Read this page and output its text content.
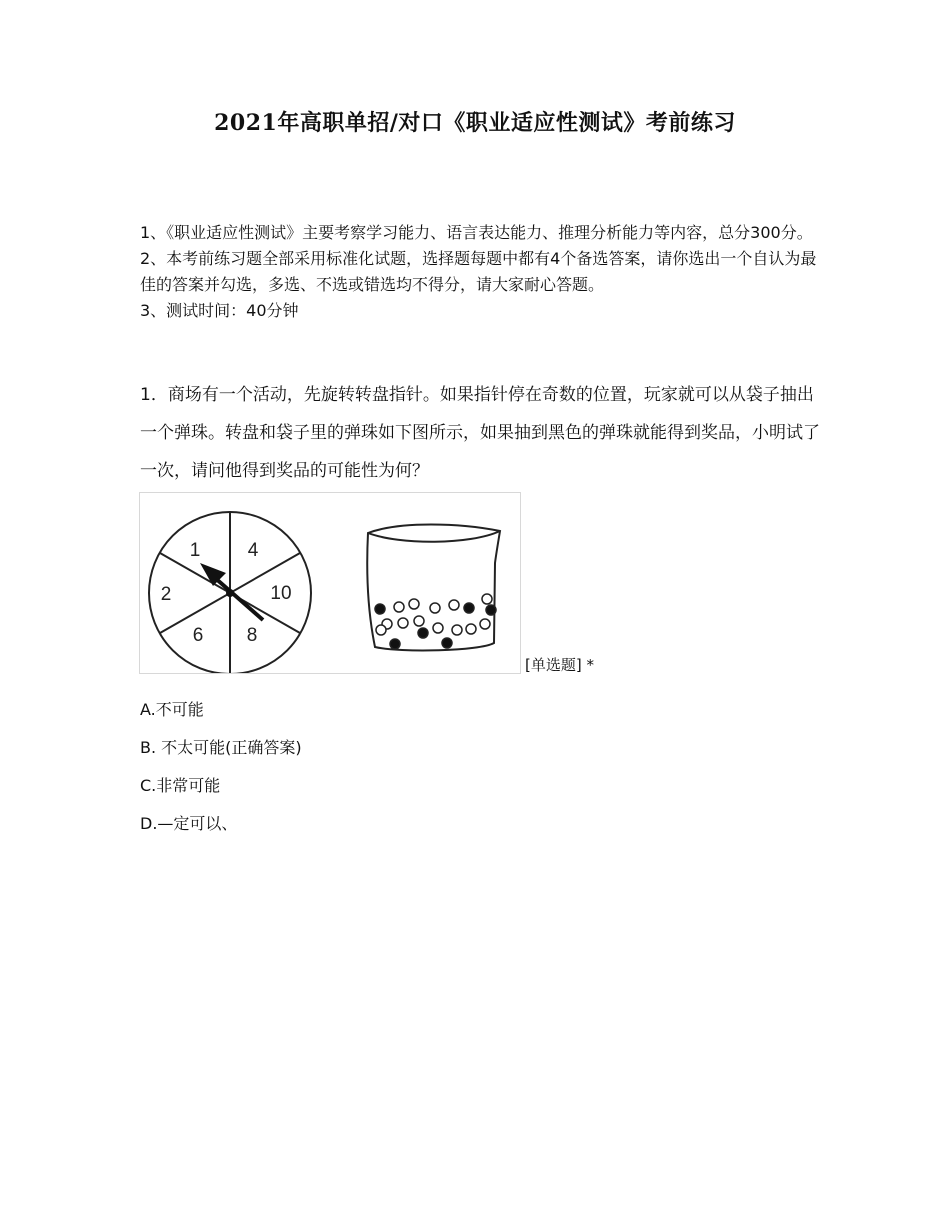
2021年高职单招/对口《职业适应性测试》考前练习

1、《职业适应性测试》主要考察学习能力、语言表达能力、推理分析能力等内容，总分300分。

2、本考前练习题全部采用标准化试题，选择题每题中都有4个备选答案，请你选出一个自认为最佳的答案并勾选，多选、不选或错选均不得分，请大家耐心答题。

3、测试时间：40分钟

1．商场有一个活动，先旋转转盘指针。如果指针停在奇数的位置，玩家就可以从袋子抽出一个弹珠。转盘和袋子里的弹珠如下图所示，如果抽到黑色的弹珠就能得到奖品，小明试了一次，请问他得到奖品的可能性为何？
1 4
10
8
6
2
[单选题] *
A.不可能
B. 不太可能(正确答案)
C.非常可能
D.—定可以、
